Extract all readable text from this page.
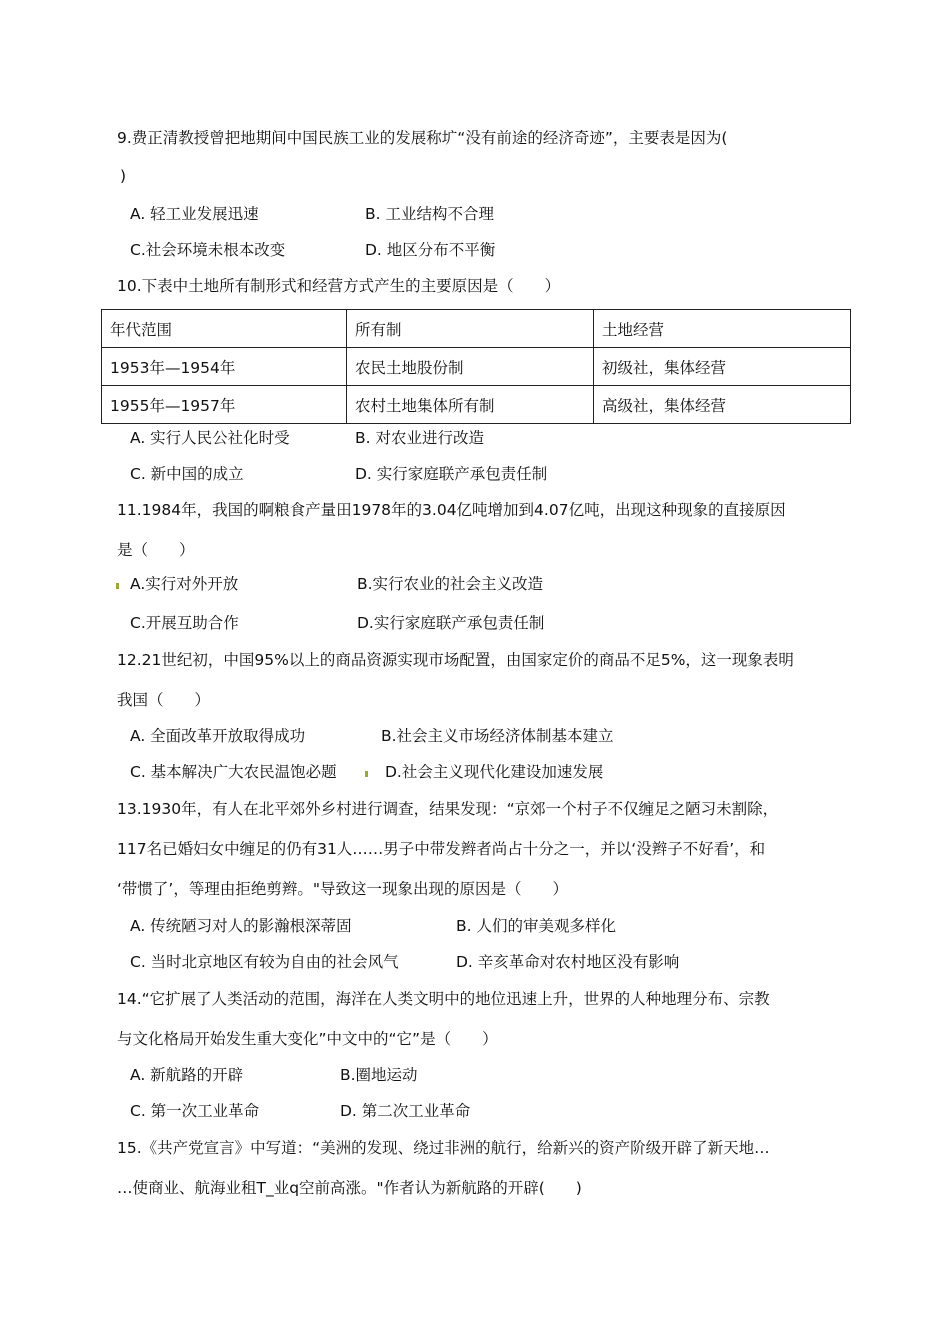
9.费正清教授曾把地期间中国民族工业的发展称圹“没有前途的经济奇迹”，主要表是因为(
)
A. 轻工业发展迅速	B. 工业结构不合理
C.社会环境未根本改变	D. 地区分布不平衡
10.下表中土地所有制形式和经营方式产生的主要原因是（　　）
年代范围	所有制	土地经营
1953年—1954年	农民土地股份制	初级社，集体经营
1955年—1957年	农村土地集体所有制	高级社，集体经营
A. 实行人民公社化时受	B. 对农业进行改造
C. 新中国的成立	D. 实行家庭联产承包责任制
11.1984年，我国的啊粮食产量田1978年的3.04亿吨增加到4.07亿吨，出现这种现象的直接原因
是（　　）
A.实行对外开放	B.实行农业的社会主义改造
C.开展互助合作	D.实行家庭联产承包责任制
12.21世纪初，中国95%以上的商品资源实现市场配置，由国家定价的商品不足5%，这一现象表明
我国（　　）
A. 全面改革开放取得成功	B.社会主义市场经济体制基本建立
C. 基本解决广大农民温饱必题	D.社会主义现代化建设加速发展
13.1930年，有人在北平郊外乡村进行调查，结果发现：“京郊一个村子不仅缠足之陋习未割除，
117名已婚妇女中缠足的仍有31人……男子中带发辫者尚占十分之一，并以‘没辫子不好看’，和
‘带惯了’，等理由拒绝剪辫。"导致这一现象出现的原因是（　　）
A. 传统陋习对人的影瀚根深蒂固	B. 人们的审美观多样化
C. 当时北京地区有较为自由的社会风气	D. 辛亥革命对农村地区没有影响
14.“它扩展了人类活动的范围，海洋在人类文明中的地位迅速上升，世界的人种地理分布、宗教
与文化格局开始发生重大变化”中文中的“它”是（　　）
A. 新航路的开辟	B.圈地运动
C. 第一次工业革命	D. 第二次工业革命
15.《共产党宣言》中写道：“美洲的发现、绕过非洲的航行，给新兴的资产阶级开辟了新天地…
…使商业、航海业租T_业q空前高涨。"作者认为新航路的开辟(　　)
